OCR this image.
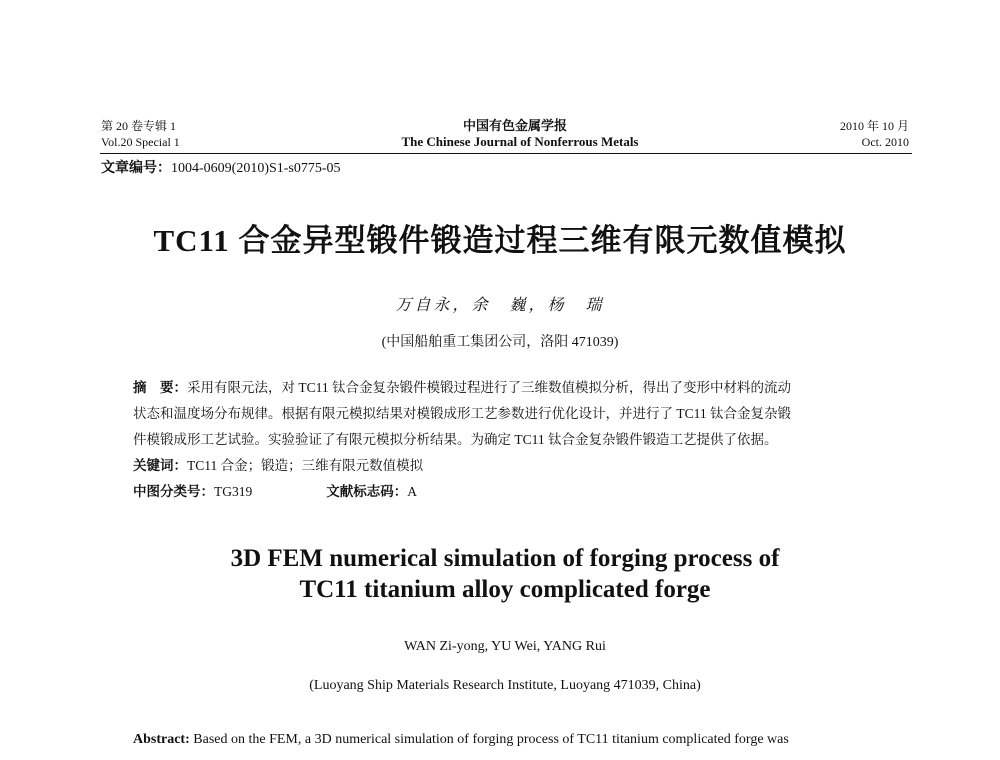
第 20 卷专辑 1
Vol.20 Special 1
中国有色金属学报
The Chinese Journal of Nonferrous Metals
2010 年 10 月
Oct. 2010
文章编号：1004-0609(2010)S1-s0775-05
TC11 合金异型锻件锻造过程三维有限元数值模拟
万自永，余　巍，杨　瑞
(中国船舶重工集团公司，洛阳 471039)
摘　要：采用有限元法，对 TC11 钛合金复杂锻件模锻过程进行了三维数值模拟分析，得出了变形中材料的流动
状态和温度场分布规律。根据有限元模拟结果对模锻成形工艺参数进行优化设计，并进行了 TC11 钛合金复杂锻
件模锻成形工艺试验。实验验证了有限元模拟分析结果。为确定 TC11 钛合金复杂锻件锻造工艺提供了依据。
关键词：TC11 合金；锻造；三维有限元数值模拟
中图分类号：TG319	文献标志码：A
3D FEM numerical simulation of forging process of
TC11 titanium alloy complicated forge
WAN Zi-yong, YU Wei, YANG Rui
(Luoyang Ship Materials Research Institute, Luoyang 471039, China)
Abstract: Based on the FEM, a 3D numerical simulation of forging process of TC11 titanium complicated forge was
